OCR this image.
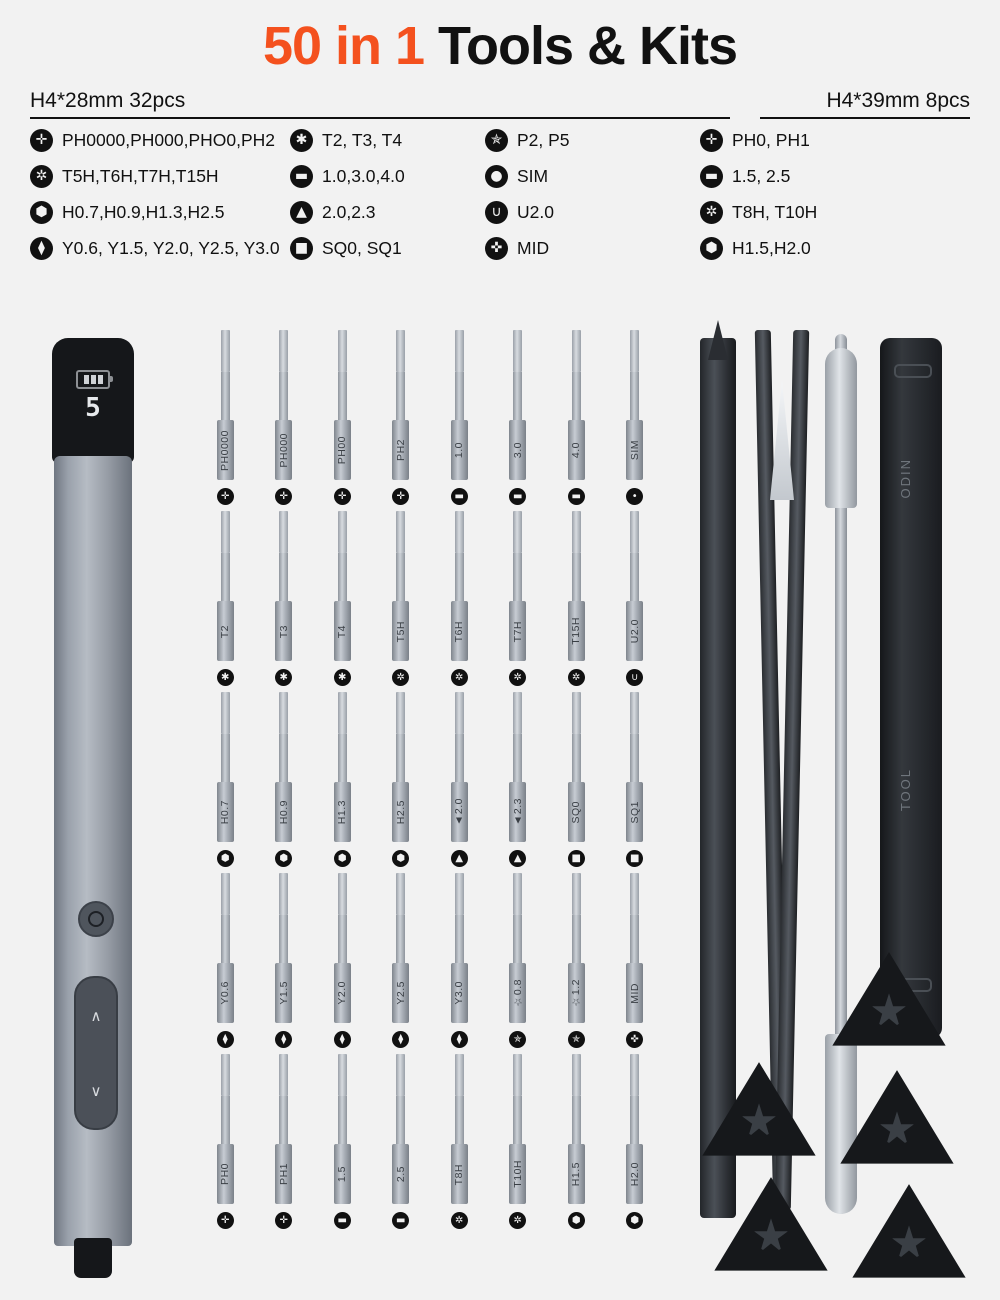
50 in 1 Tools & Kits
H4*28mm 32pcs	H4*39mm 8pcs
✛ PH0000,PH000,PHO0,PH2
✲ T5H,T6H,T7H,T15H
⬢ H0.7,H0.9,H1.3,H2.5
⧫ Y0.6, Y1.5, Y2.0, Y2.5, Y3.0
✱ T2, T3, T4
▬ 1.0,3.0,4.0
▲ 2.0,2.3
■ SQ0, SQ1
✯ P2, P5
● SIM
∪ U2.0
✜ MID
✛ PH0, PH1
▬ 1.5, 2.5
✲ T8H, T10H
⬢ H1.5,H2.0
5
∧
∨
PH0000
✛
PH000
✛
PH00
✛
PH2
✛
1.0
▬
3.0
▬
4.0
▬
SIM
•
T2
✱
T3
✱
T4
✱
T5H
✲
T6H
✲
T7H
✲
T15H
✲
U2.0
∪
H0.7
⬢
H0.9
⬢
H1.3
⬢
H2.5
⬢
▲2.0
▲
▲2.3
▲
SQ0
■
SQ1
■
Y0.6
⧫
Y1.5
⧫
Y2.0
⧫
Y2.5
⧫
Y3.0
⧫
☆0.8
✯
☆1.2
✯
MID
✜
PH0
✛
PH1
✛
1.5
▬
2.5
▬
T8H
✲
T10H
✲
H1.5
⬢
H2.0
⬢
ODIN
TOOL
